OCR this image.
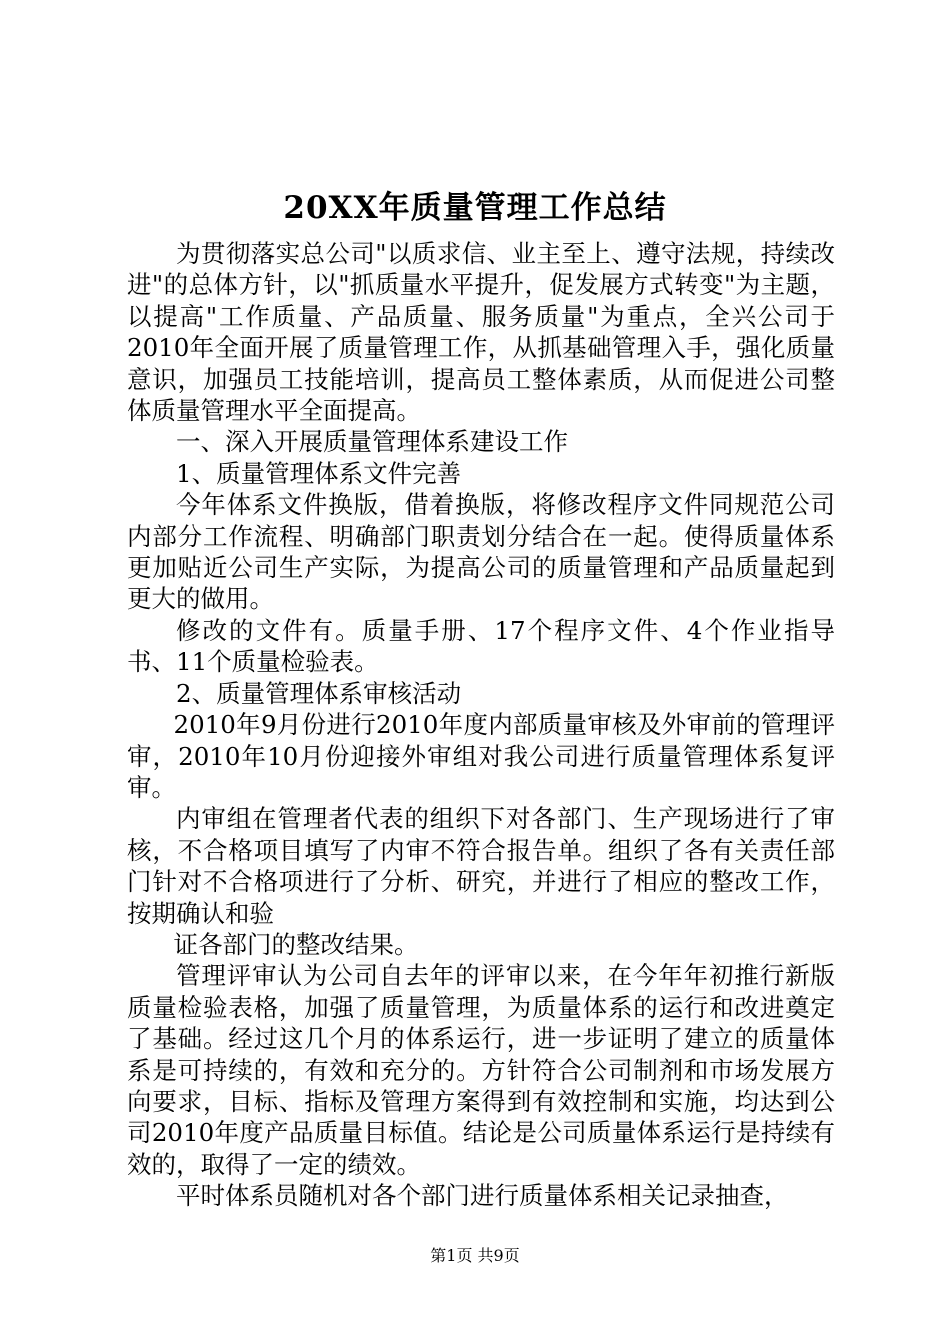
20XX年质量管理工作总结

为贯彻落实总公司"以质求信、业主至上、遵守法规，持续改进"的总体方针，以"抓质量水平提升，促发展方式转变"为主题，以提高"工作质量、产品质量、服务质量"为重点，全兴公司于2010年全面开展了质量管理工作，从抓基础管理入手，强化质量意识，加强员工技能培训，提高员工整体素质，从而促进公司整体质量管理水平全面提高。

一、深入开展质量管理体系建设工作

1、质量管理体系文件完善

今年体系文件换版，借着换版，将修改程序文件同规范公司内部分工作流程、明确部门职责划分结合在一起。使得质量体系更加贴近公司生产实际，为提高公司的质量管理和产品质量起到更大的做用。

修改的文件有。质量手册、17个程序文件、4个作业指导书、11个质量检验表。

2、质量管理体系审核活动

2010年9月份进行2010年度内部质量审核及外审前的管理评审，2010年10月份迎接外审组对我公司进行质量管理体系复评审。

内审组在管理者代表的组织下对各部门、生产现场进行了审核，不合格项目填写了内审不符合报告单。组织了各有关责任部门针对不合格项进行了分析、研究，并进行了相应的整改工作，按期确认和验

证各部门的整改结果。

管理评审认为公司自去年的评审以来，在今年年初推行新版质量检验表格，加强了质量管理，为质量体系的运行和改进奠定了基础。经过这几个月的体系运行，进一步证明了建立的质量体系是可持续的，有效和充分的。方针符合公司制剂和市场发展方向要求，目标、指标及管理方案得到有效控制和实施，均达到公司2010年度产品质量目标值。结论是公司质量体系运行是持续有效的，取得了一定的绩效。

平时体系员随机对各个部门进行质量体系相关记录抽查，

第1页 共9页
